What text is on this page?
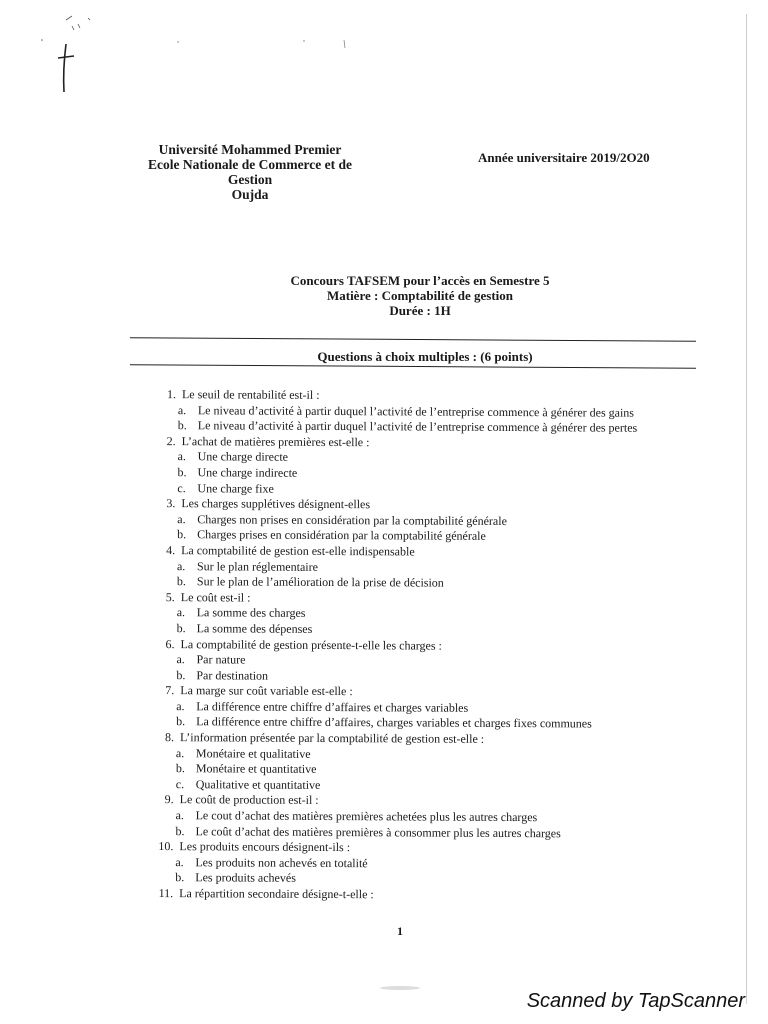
Université Mohammed Premier
Ecole Nationale de Commerce et de
Gestion
Oujda
Année universitaire 2019/2O20
Concours TAFSEM pour l’accès en Semestre 5
Matière : Comptabilité de gestion
Durée : 1H
Questions à choix multiples : (6 points)
1. Le seuil de rentabilité est-il :
a. Le niveau d’activité à partir duquel l’activité de l’entreprise commence à générer des gains
b. Le niveau d’activité à partir duquel l’activité de l’entreprise commence à générer des pertes
2. L’achat de matières premières est-elle :
a. Une charge directe
b. Une charge indirecte
c. Une charge fixe
3. Les charges supplétives désignent-elles
a. Charges non prises en considération par la comptabilité générale
b. Charges prises en considération par la comptabilité générale
4. La comptabilité de gestion est-elle indispensable
a. Sur le plan réglementaire
b. Sur le plan de l’amélioration de la prise de décision
5. Le coût est-il :
a. La somme des charges
b. La somme des dépenses
6. La comptabilité de gestion présente-t-elle les charges :
a. Par nature
b. Par destination
7. La marge sur coût variable est-elle :
a. La différence entre chiffre d’affaires et charges variables
b. La différence entre chiffre d’affaires, charges variables et charges fixes communes
8. L’information présentée par la comptabilité de gestion est-elle :
a. Monétaire et qualitative
b. Monétaire et quantitative
c. Qualitative et quantitative
9. Le coût de production est-il :
a. Le cout d’achat des matières premières achetées plus les autres charges
b. Le coût d’achat des matières premières à consommer plus les autres charges
10. Les produits encours désignent-ils :
a. Les produits non achevés en totalité
b. Les produits achevés
11. La répartition secondaire désigne-t-elle :
1
Scanned by TapScanner
